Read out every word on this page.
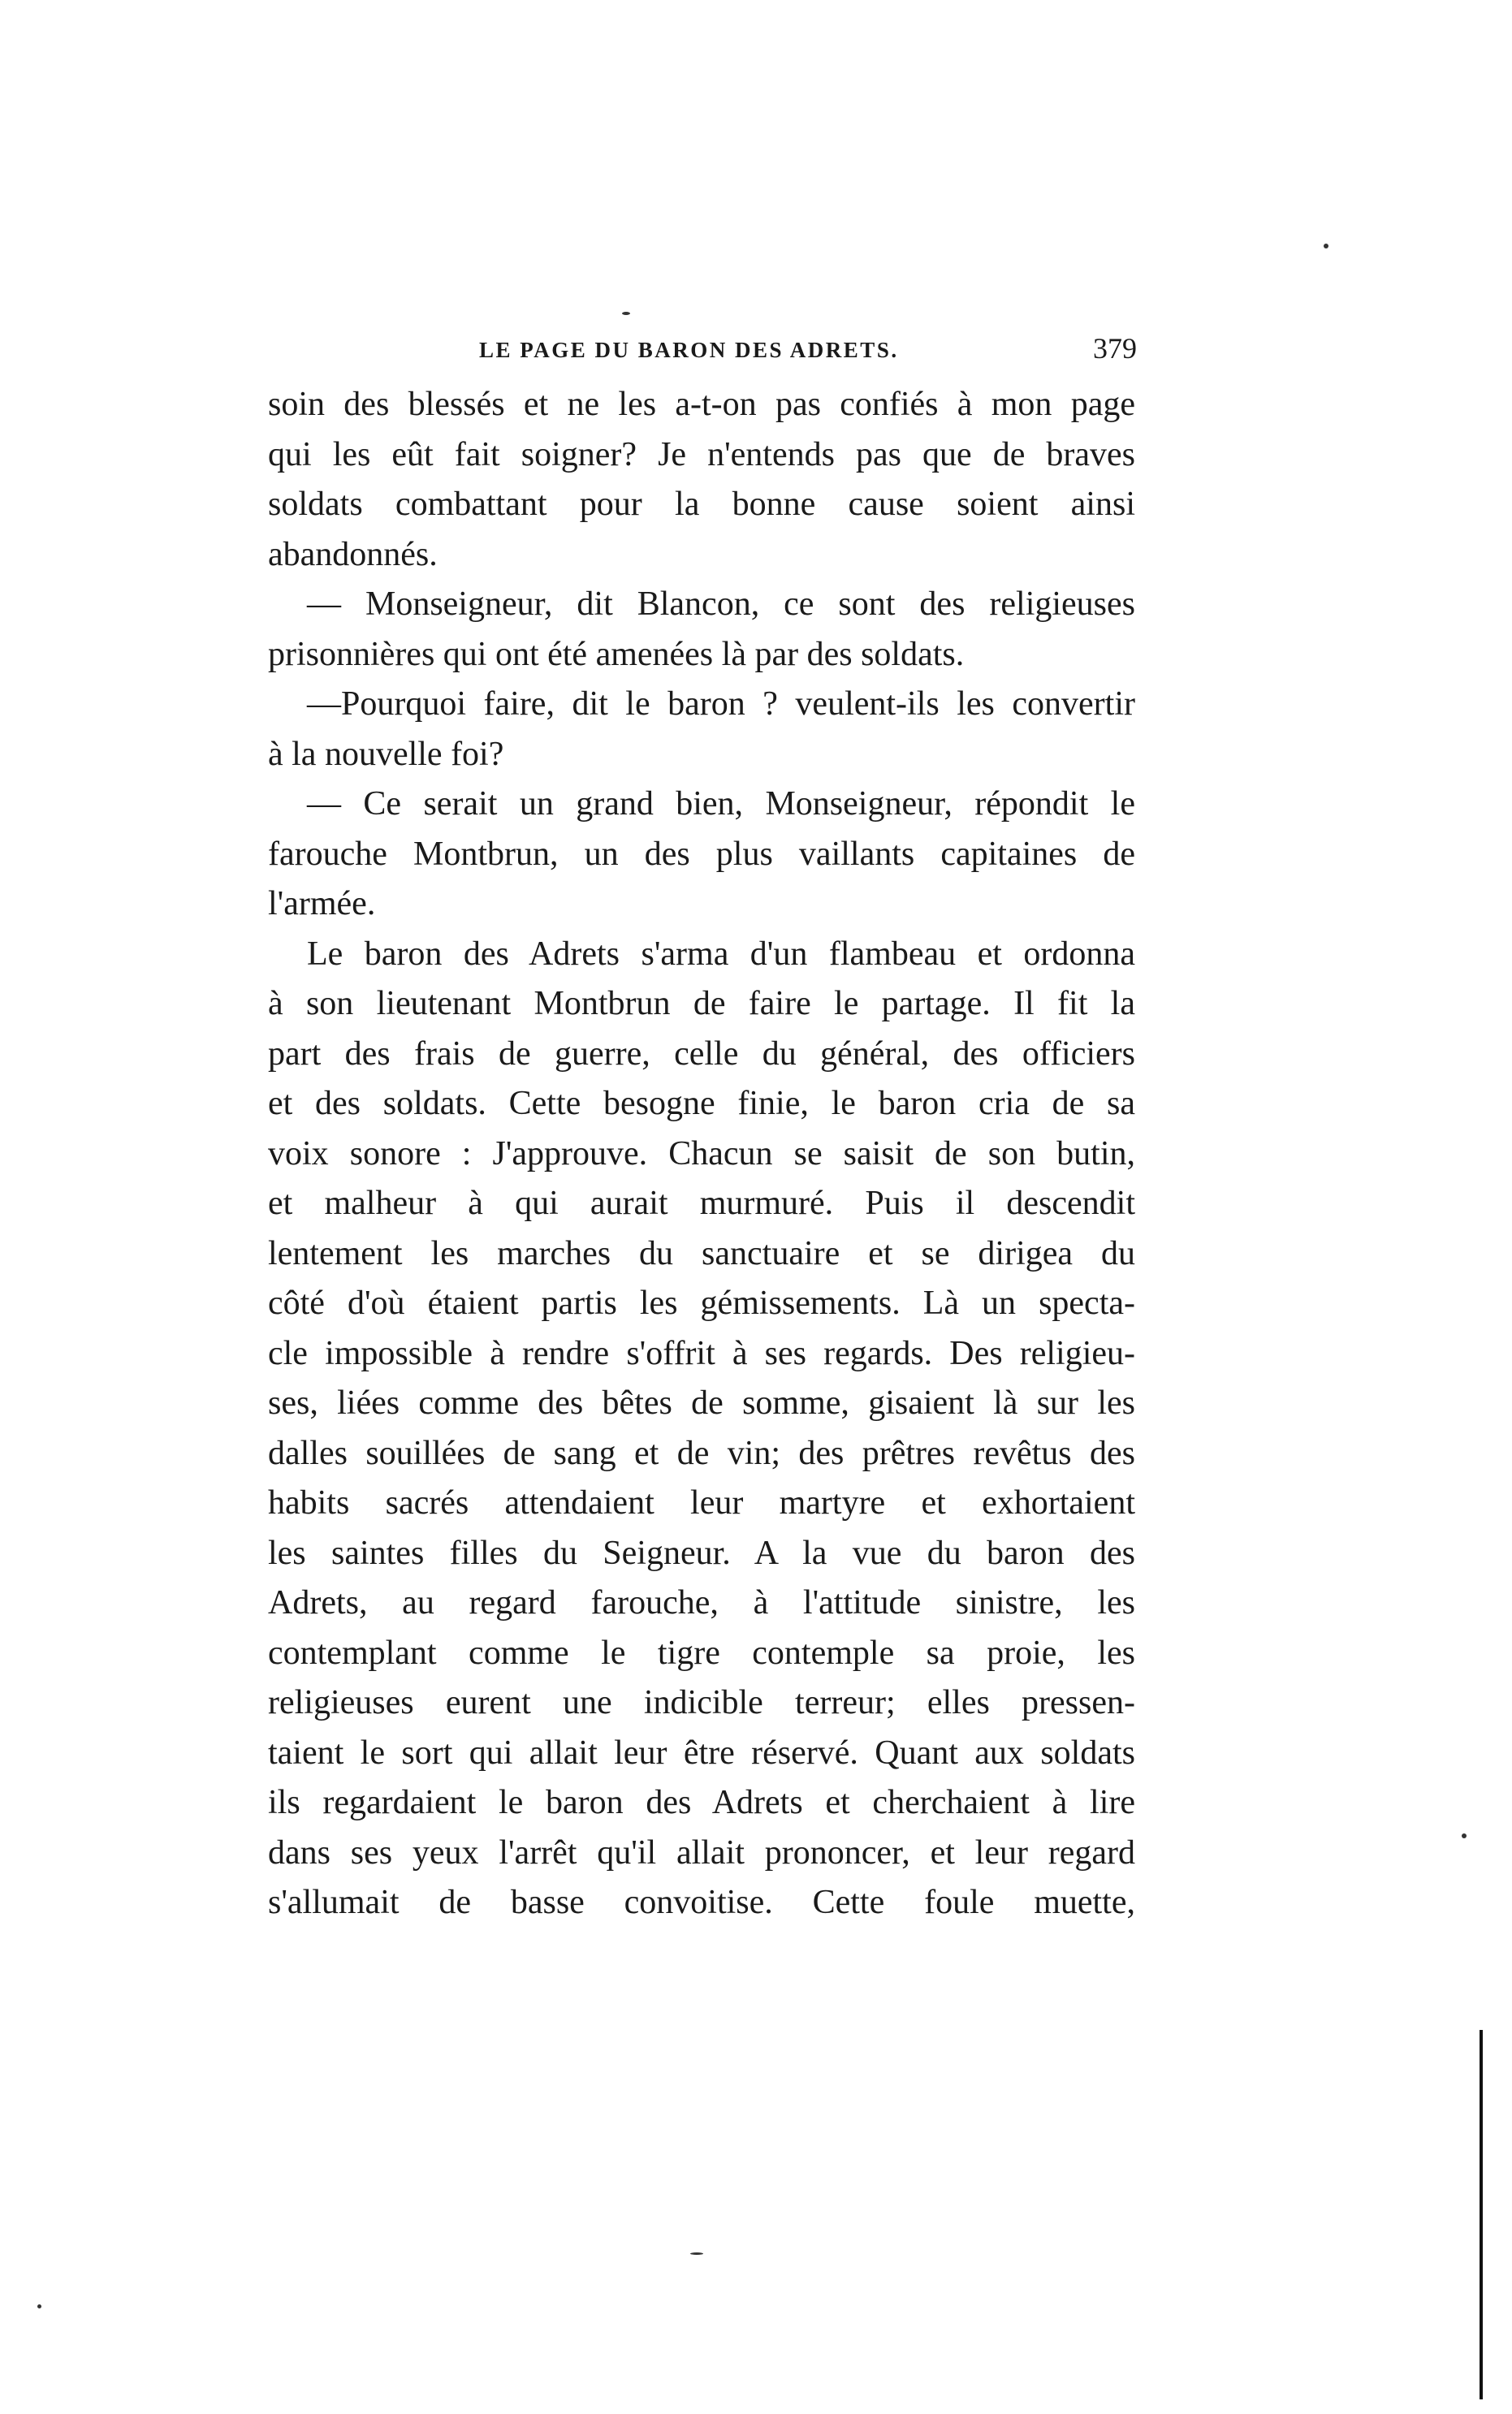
LE PAGE DU BARON DES ADRETS.	379
soin des blessés et ne les a-t-on pas confiés à mon page
qui les eût fait soigner? Je n'entends pas que de braves
soldats combattant pour la bonne cause soient ainsi
abandonnés.
— Monseigneur, dit Blancon, ce sont des religieuses
prisonnières qui ont été amenées là par des soldats.
—Pourquoi faire, dit le baron ? veulent-ils les convertir
à la nouvelle foi?
— Ce serait un grand bien, Monseigneur, répondit le
farouche Montbrun, un des plus vaillants capitaines de
l'armée.
Le baron des Adrets s'arma d'un flambeau et ordonna
à son lieutenant Montbrun de faire le partage. Il fit la
part des frais de guerre, celle du général, des officiers
et des soldats. Cette besogne finie, le baron cria de sa
voix sonore : J'approuve. Chacun se saisit de son butin,
et malheur à qui aurait murmuré. Puis il descendit
lentement les marches du sanctuaire et se dirigea du
côté d'où étaient partis les gémissements. Là un specta-
cle impossible à rendre s'offrit à ses regards. Des religieu-
ses, liées comme des bêtes de somme, gisaient là sur les
dalles souillées de sang et de vin; des prêtres revêtus des
habits sacrés attendaient leur martyre et exhortaient
les saintes filles du Seigneur. A la vue du baron des
Adrets, au regard farouche, à l'attitude sinistre, les
contemplant comme le tigre contemple sa proie, les
religieuses eurent une indicible terreur; elles pressen-
taient le sort qui allait leur être réservé. Quant aux soldats
ils regardaient le baron des Adrets et cherchaient à lire
dans ses yeux l'arrêt qu'il allait prononcer, et leur regard
s'allumait de basse convoitise. Cette foule muette,
